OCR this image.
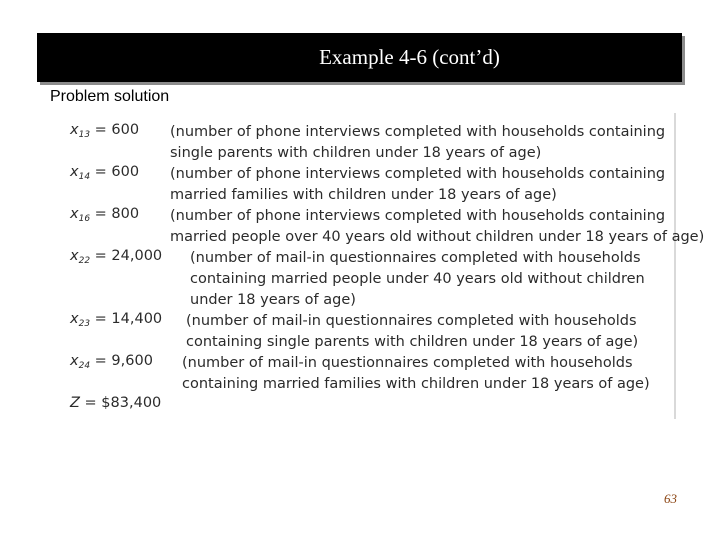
Example 4-6 (cont’d)
Problem solution
$x_{13} = 600$ (number of phone interviews completed with households containing
single parents with children under 18 years of age)
$x_{14} = 600$ (number of phone interviews completed with households containing
married families with children under 18 years of age)
$x_{16} = 800$ (number of phone interviews completed with households containing
married people over 40 years old without children under 18 years of age)
$x_{22} = 24,000$ (number of mail-in questionnaires completed with households
containing married people under 40 years old without children
under 18 years of age)
$x_{23} = 14,400$ (number of mail-in questionnaires completed with households
containing single parents with children under 18 years of age)
$x_{24} = 9,600$ (number of mail-in questionnaires completed with households
containing married families with children under 18 years of age)
Z = $83,400
63
